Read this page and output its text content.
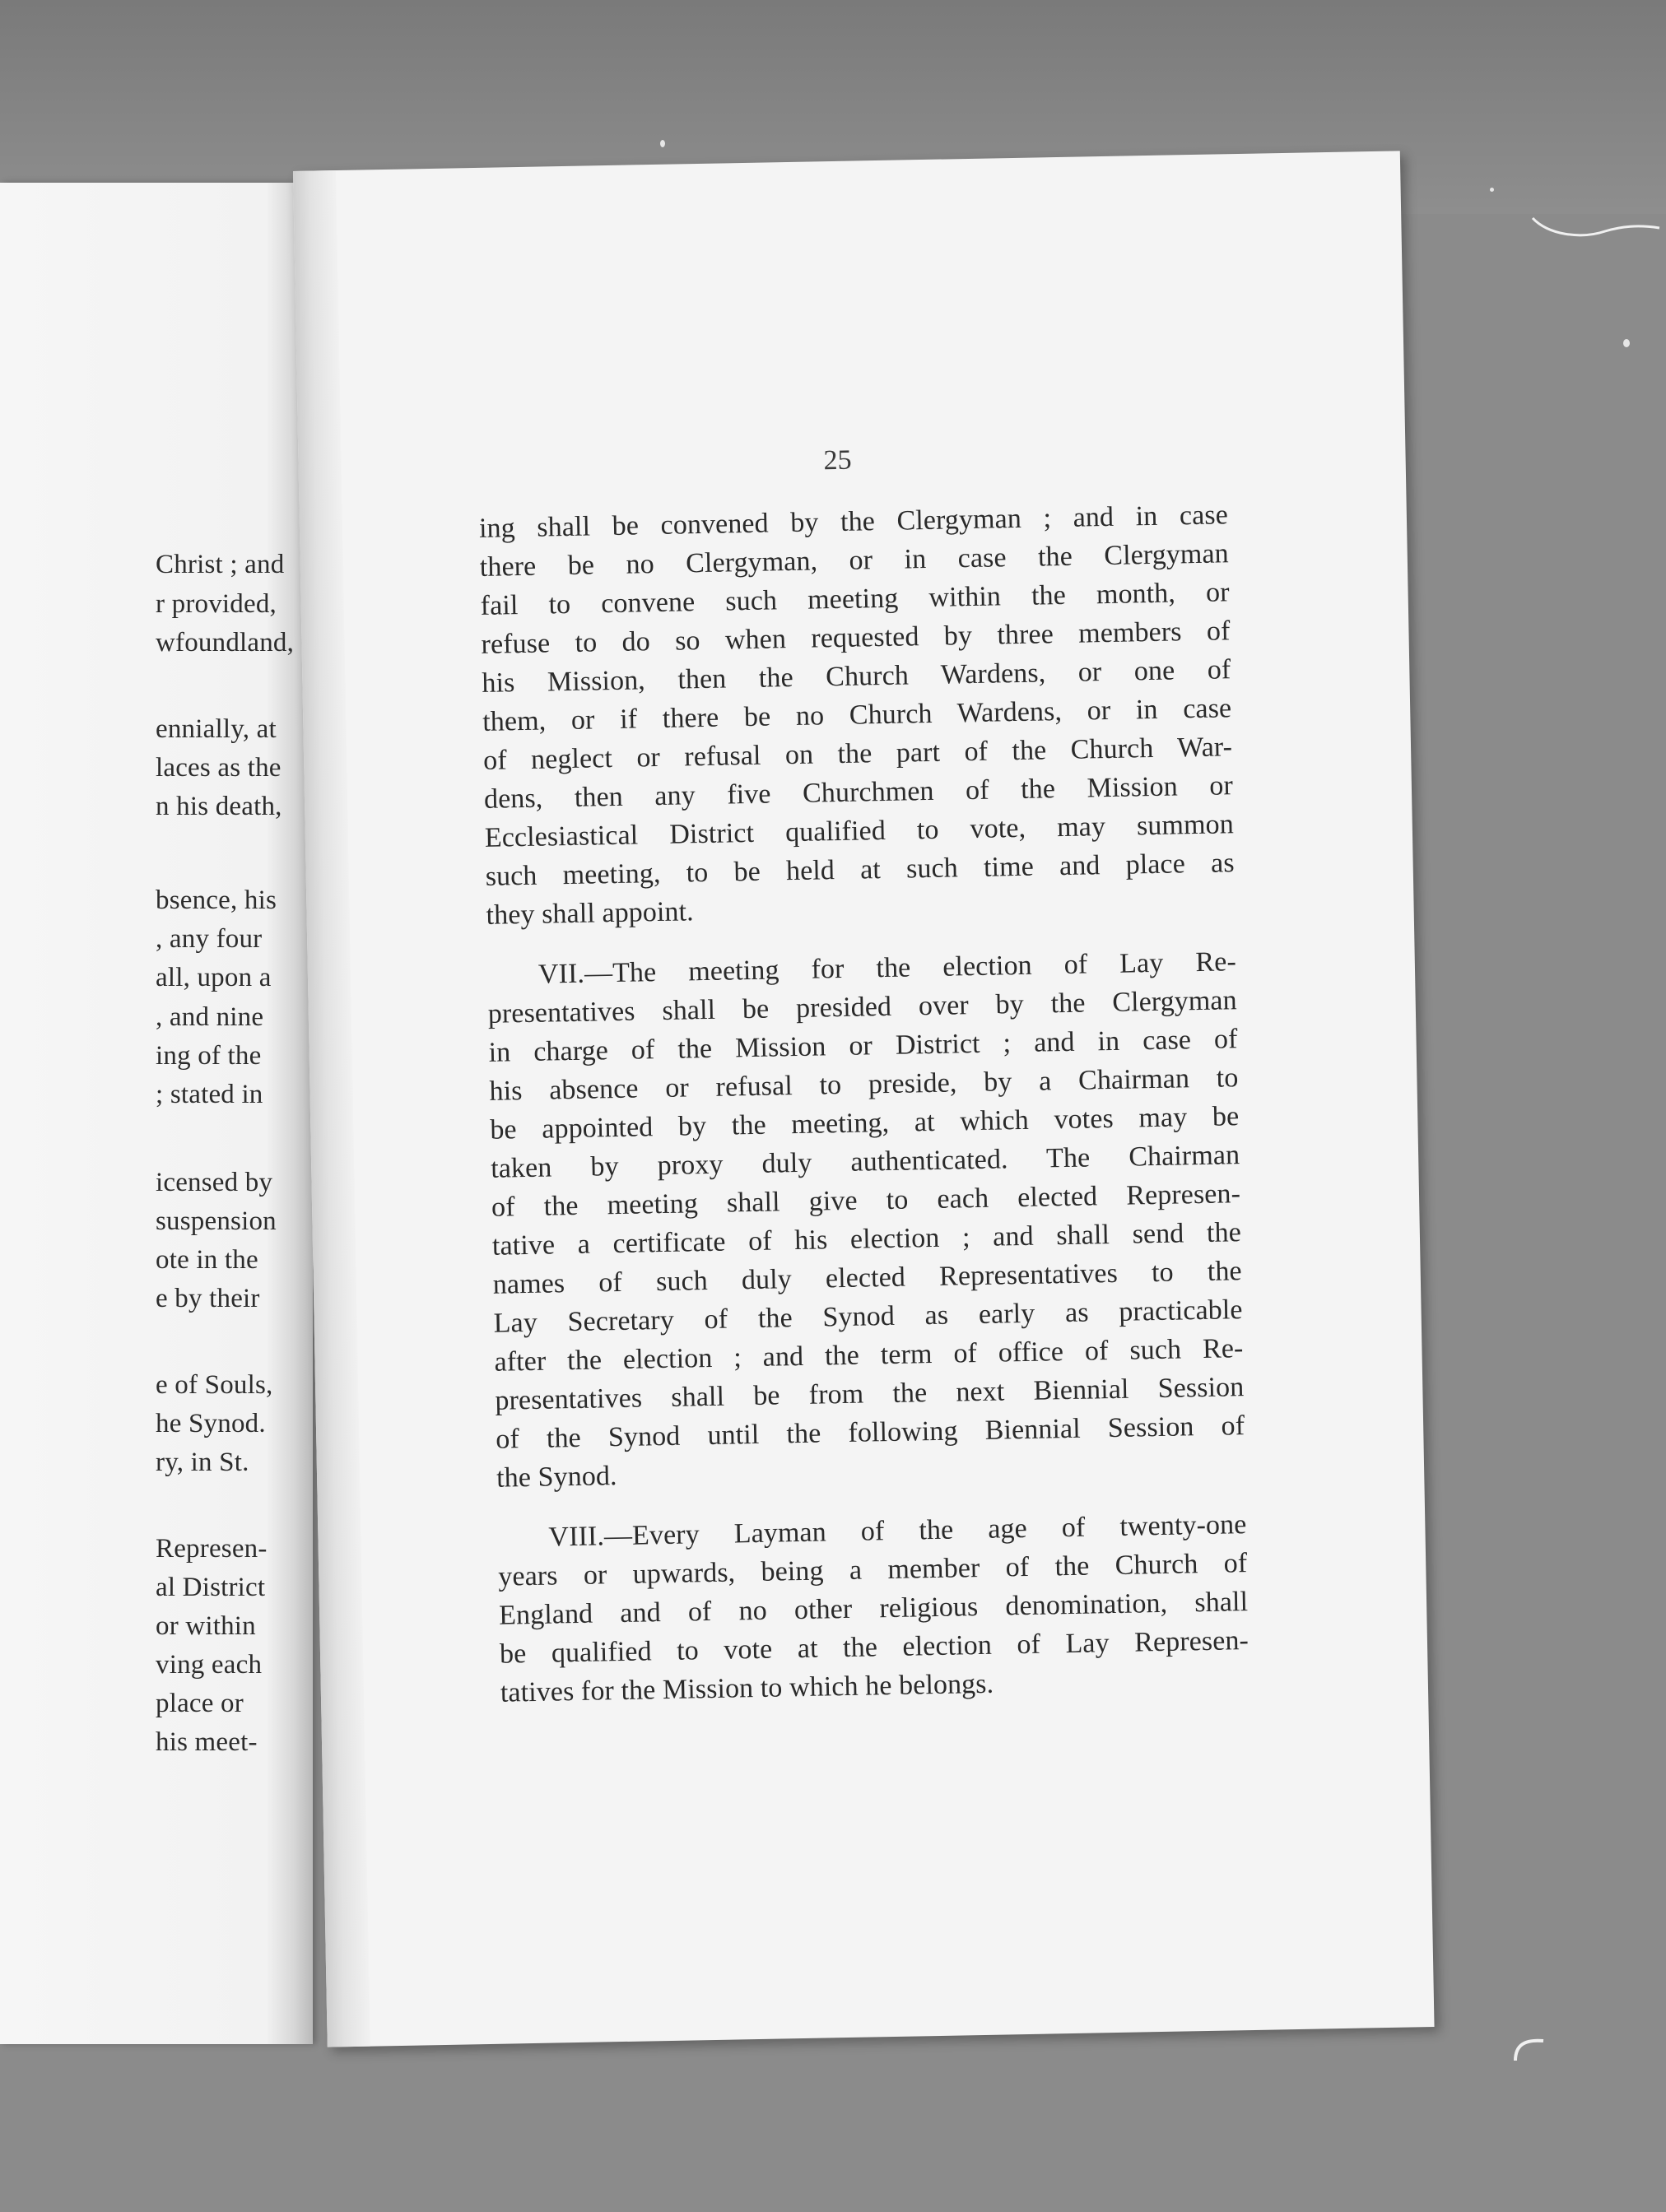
Christ ; and
r provided,
wfoundland,
ennially, at
laces as the
n his death,
bsence, his
, any four
all, upon a
, and nine
ing of the
; stated in
icensed by
suspension
ote in the
e by their
e of Souls,
he Synod.
ry, in St.
Represen-
al District
or within
ving each
place or
his meet-
25
ing shall be convened by the Clergyman ; and in case
there be no Clergyman, or in case the Clergyman
fail to convene such meeting within the month, or
refuse to do so when requested by three members of
his Mission, then the Church Wardens, or one of
them, or if there be no Church Wardens, or in case
of neglect or refusal on the part of the Church War-
dens, then any five Churchmen of the Mission or
Ecclesiastical District qualified to vote, may summon
such meeting, to be held at such time and place as
they shall appoint.
VII.—The meeting for the election of Lay Re-
presentatives shall be presided over by the Clergyman
in charge of the Mission or District ; and in case of
his absence or refusal to preside, by a Chairman to
be appointed by the meeting, at which votes may be
taken by proxy duly authenticated. The Chairman
of the meeting shall give to each elected Represen-
tative a certificate of his election ; and shall send the
names of such duly elected Representatives to the
Lay Secretary of the Synod as early as practicable
after the election ; and the term of office of such Re-
presentatives shall be from the next Biennial Session
of the Synod until the following Biennial Session of
the Synod.
VIII.—Every Layman of the age of twenty-one
years or upwards, being a member of the Church of
England and of no other religious denomination, shall
be qualified to vote at the election of Lay Represen-
tatives for the Mission to which he belongs.
